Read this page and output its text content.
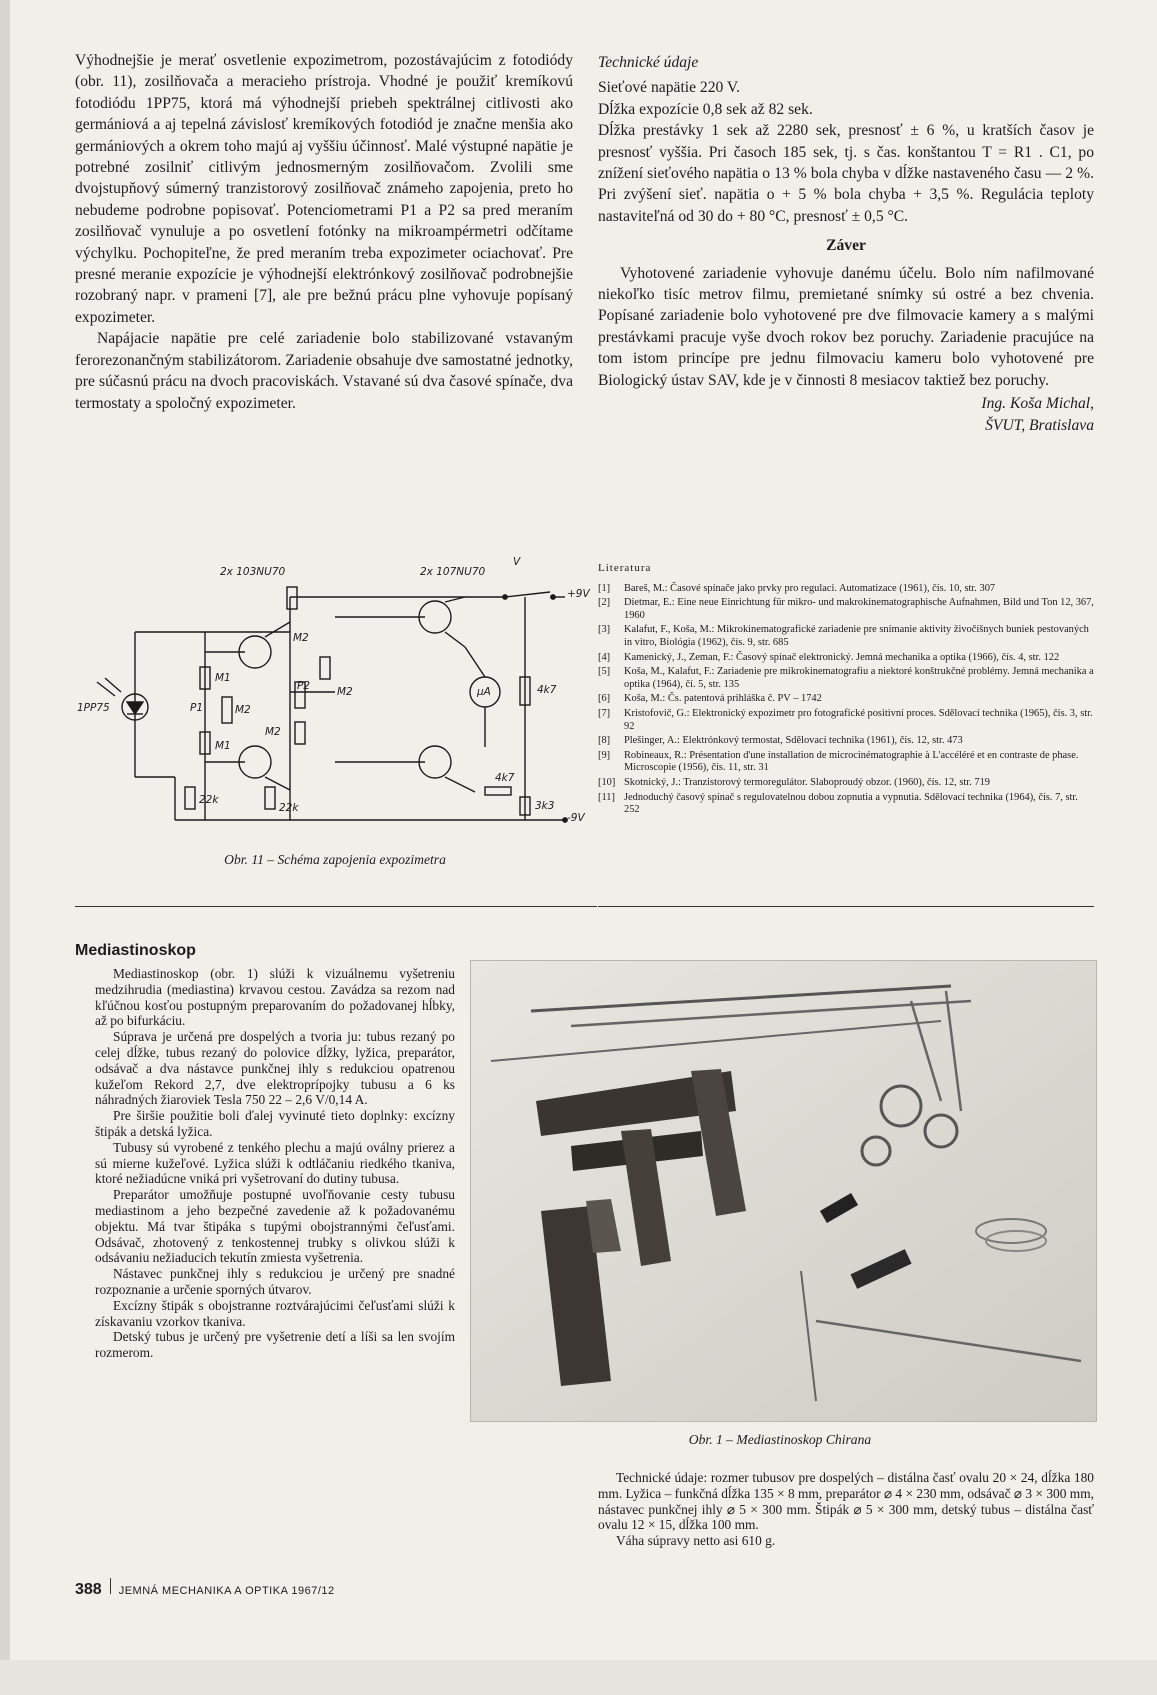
Výhodnejšie je merať osvetlenie expozimetrom, pozostávajúcim z fotodiódy (obr. 11), zosilňovača a meracieho prístroja. Vhodné je použiť kremíkovú fotodiódu 1PP75, ktorá má výhodnejší priebeh spektrálnej citlivosti ako germániová a aj tepelná závislosť kremíkových fotodiód je značne menšia ako germániových a okrem toho majú aj vyššiu účinnosť. Malé výstupné napätie je potrebné zosilniť citlivým jednosmerným zosilňovačom. Zvolili sme dvojstupňový súmerný tranzistorový zosilňovač známeho zapojenia, preto ho nebudeme podrobne popisovať. Potenciometrami P1 a P2 sa pred meraním zosilňovač vynuluje a po osvetlení fotónky na mikroampérmetri odčítame výchylku. Pochopiteľne, že pred meraním treba expozimeter ociachovať. Pre presné meranie expozície je výhodnejší elektrónkový zosilňovač podrobnejšie rozobraný napr. v prameni [7], ale pre bežnú prácu plne vyhovuje popísaný expozimeter.

Napájacie napätie pre celé zariadenie bolo stabilizované vstavaným ferorezonančným stabilizátorom. Zariadenie obsahuje dve samostatné jednotky, pre súčasnú prácu na dvoch pracoviskách. Vstavané sú dva časové spínače, dva termostaty a spoločný expozimeter.

2x 103NU70	2x 107NU70
V
+9V
-9V
1PP75
M2
M1
P1	M2
M1
P2	M2
M2
μA	4k7
4k7
22k
22k	3k3
Obr. 11 – Schéma zapojenia expozimetra

Technické údaje

Sieťové napätie 220 V.

Dĺžka expozície 0,8 sek až 82 sek.

Dĺžka prestávky 1 sek až 2280 sek, presnosť ± 6 %, u kratších časov je presnosť vyššia. Pri časoch 185 sek, tj. s čas. konštantou T = R1 . C1, po znížení sieťového napätia o 13 % bola chyba v dĺžke nastaveného času — 2 %. Pri zvýšení sieť. napätia o + 5 % bola chyba + 3,5 %. Regulácia teploty nastaviteľná od 30 do + 80 °C, presnosť ± 0,5 °C.

Záver

Vyhotovené zariadenie vyhovuje danému účelu. Bolo ním nafilmované niekoľko tisíc metrov filmu, premietané snímky sú ostré a bez chvenia. Popísané zariadenie bolo vyhotovené pre dve filmovacie kamery a s malými prestávkami pracuje vyše dvoch rokov bez poruchy. Zariadenie pracujúce na tom istom princípe pre jednu filmovaciu kameru bolo vyhotovené pre Biologický ústav SAV, kde je v činnosti 8 mesiacov taktiež bez poruchy.

Ing. Koša Michal,

ŠVUT, Bratislava

Literatura
[1]	Bareš, M.: Časové spínače jako prvky pro regulaci. Automatizace (1961), čís. 10, str. 307
[2]	Dietmar, E.: Eine neue Einrichtung für mikro- und makrokinematographische Aufnahmen, Bild und Ton 12, 367, 1960
[3]	Kalafut, F., Koša, M.: Mikrokinematografické zariadenie pre snímanie aktivity živočíšnych buniek pestovaných in vitro, Biológia (1962), čís. 9, str. 685
[4]	Kamenický, J., Zeman, F.: Časový spínač elektronický. Jemná mechanika a optika (1966), čís. 4, str. 122
[5]	Koša, M., Kalafut, F.: Zariadenie pre mikrokinematografiu a niektoré konštrukčné problémy. Jemná mechanika a optika (1964), čí. 5, str. 135
[6]	Koša, M.: Čs. patentová prihláška č. PV – 1742
[7]	Kristofovič, G.: Elektronický expozimetr pro fotografické positivní proces. Sdělovací technika (1965), čís. 3, str. 92
[8]	Plešinger, A.: Elektrónkový termostat, Sdělovací technika (1961), čís. 12, str. 473
[9]	Robineaux, R.: Présentation d'une installation de microcinématographie à L'accéléré et en contraste de phase. Microscopie (1956), čís. 11, str. 31
[10] Skotnický, J.: Tranzistorový termoregulátor. Slaboproudý obzor. (1960), čís. 12, str. 719
[11] Jednoduchý časový spínač s regulovatelnou dobou zopnutia a vypnutia. Sdělovací technika (1964), čís. 7, str. 252
Mediastinoskop

Mediastinoskop (obr. 1) slúži k vizuálnemu vyšetreniu medzihrudia (mediastina) krvavou cestou. Zavádza sa rezom nad kľúčnou kosťou postupným preparovaním do požadovanej hĺbky, až po bifurkáciu.

Súprava je určená pre dospelých a tvoria ju: tubus rezaný po celej dĺžke, tubus rezaný do polovice dĺžky, lyžica, preparátor, odsávač a dva nástavce punkčnej ihly s redukciou opatrenou kužeľom Rekord 2,7, dve elektroprípojky tubusu a 6 ks náhradných žiaroviek Tesla 750 22 – 2,6 V/0,14 A.

Pre širšie použitie boli ďalej vyvinuté tieto doplnky: excízny štipák a detská lyžica.

Tubusy sú vyrobené z tenkého plechu a majú oválny prierez a sú mierne kužeľové. Lyžica slúži k odtláčaniu riedkého tkaniva, ktoré nežiadúcne vniká pri vyšetrovaní do dutiny tubusa.

Preparátor umožňuje postupné uvoľňovanie cesty tubusu mediastinom a jeho bezpečné zavedenie až k požadovanému objektu. Má tvar štipáka s tupými obojstrannými čeľusťami. Odsávač, zhotovený z tenkostennej trubky s olivkou slúži k odsávaniu nežiaducich tekutín zmiesta vyšetrenia.

Nástavec punkčnej ihly s redukciou je určený pre snadné rozpoznanie a určenie sporných útvarov.

Excízny štipák s obojstranne roztvárajúcimi čeľusťami slúži k získavaniu vzorkov tkaniva.

Detský tubus je určený pre vyšetrenie detí a líši sa len svojím rozmerom.

Obr. 1 – Mediastinoskop Chirana

Technické údaje: rozmer tubusov pre dospelých – distálna časť ovalu 20 × 24, dĺžka 180 mm. Lyžica – funkčná dĺžka 135 × 8 mm, preparátor ⌀ 4 × 230 mm, odsávač ⌀ 3 × 300 mm, nástavec punkčnej ihly ⌀ 5 × 300 mm. Štipák ⌀ 5 × 300 mm, detský tubus – distálna časť ovalu 12 × 15, dĺžka 100 mm.

Váha súpravy netto asi 610 g.

388 JEMNÁ MECHANIKA A OPTIKA 1967/12
